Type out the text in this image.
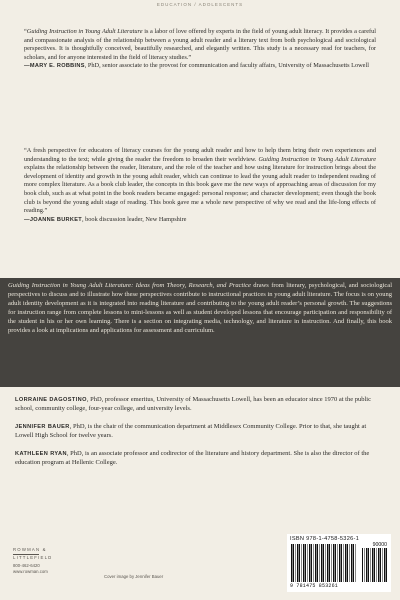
EDUCATION / ADOLESCENTS
“Guiding Instruction in Young Adult Literature is a labor of love offered by experts in the field of young adult literacy. It provides a careful and compassionate analysis of the relationship between a young adult reader and a literary text from both psychological and sociological perspectives. It is thoughtfully conceived, beautifully researched, and elegantly written. This study is a necessary read for teachers, for scholars, and for anyone interested in the field of literacy studies.”
—MARY E. ROBBINS, PhD, senior associate to the provost for communication and faculty affairs, University of Massachusetts Lowell
“A fresh perspective for educators of literacy courses for the young adult reader and how to help them bring their own experiences and understanding to the text; while giving the reader the freedom to broaden their worldview. Guiding Instruction in Young Adult Literature explains the relationship between the reader, literature, and the role of the teacher and how using literature for instruction brings about the development of identity and growth in the young adult reader, which can continue to lead the young adult reader to independent reading of more complex literature. As a book club leader, the concepts in this book gave me the new ways of approaching areas of discussion for my book club, such as at what point in the book readers became engaged: personal response; and character development; even though the book club is beyond the young adult stage of reading. This book gave me a whole new perspective of why we read and the life-long effects of reading.”
—JOANNE BURKET, book discussion leader, New Hampshire
Guiding Instruction in Young Adult Literature: Ideas from Theory, Research, and Practice draws from literary, psychological, and sociological perspectives to discuss and to illustrate how these perspectives contribute to instructional practices in young adult literature. The focus is on young adult identity development as it is integrated into reading literature and contributing to the young adult reader’s personal growth. The suggestions for instruction range from complete lessons to mini-lessons as well as student developed lessons that encourage participation and responsibility of the student in his or her own learning. There is a section on integrating media, technology, and literature in instruction. And finally, this book provides a look at implications and applications for assessment and curriculum.

LORRAINE DAGOSTINO, PhD, professor emeritus, University of Massachusetts Lowell, has been an educator since 1970 at the public school, community college, four-year college, and university levels.

JENNIFER BAUER, PhD, is the chair of the communication department at Middlesex Community College. Prior to that, she taught at Lowell High School for twelve years.

KATHLEEN RYAN, PhD, is an associate professor and codirector of the literature and history department. She is also the director of the education program at Hellenic College.

ROWMAN &
LITTLEFIELD
800-462-6420
www.rowman.com
Cover image by Jennifer Bauer
ISBN 978-1-4758-5326-1
90000
9 781475 853261
